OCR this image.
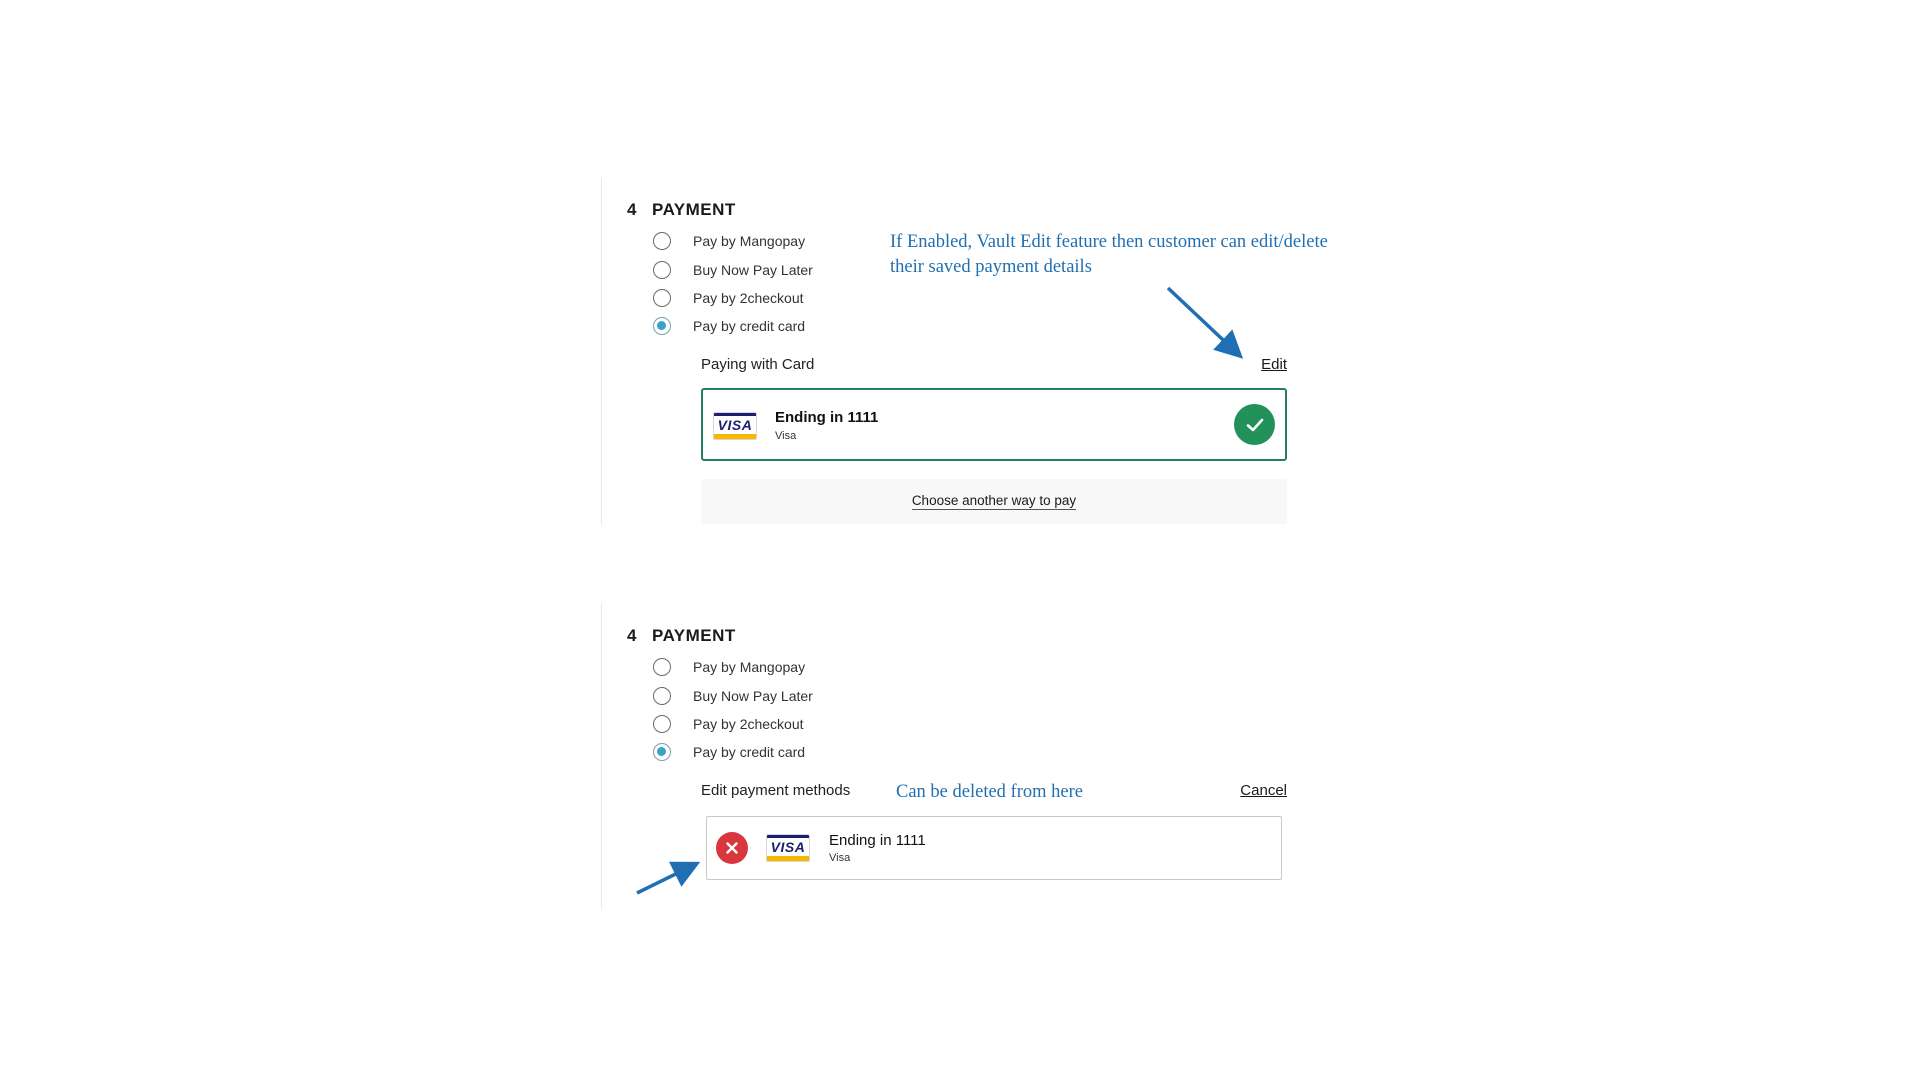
4 PAYMENT
Pay by Mangopay
Buy Now Pay Later
Pay by 2checkout
Pay by credit card
Paying with Card	Edit
VISA Ending in 1111
Visa
Choose another way to pay
4 PAYMENT
Pay by Mangopay
Buy Now Pay Later
Pay by 2checkout
Pay by credit card
Edit payment methods	Cancel
VISA Ending in 1111
Visa
If Enabled, Vault Edit feature then customer can edit/delete their saved payment details
Can be deleted from here
